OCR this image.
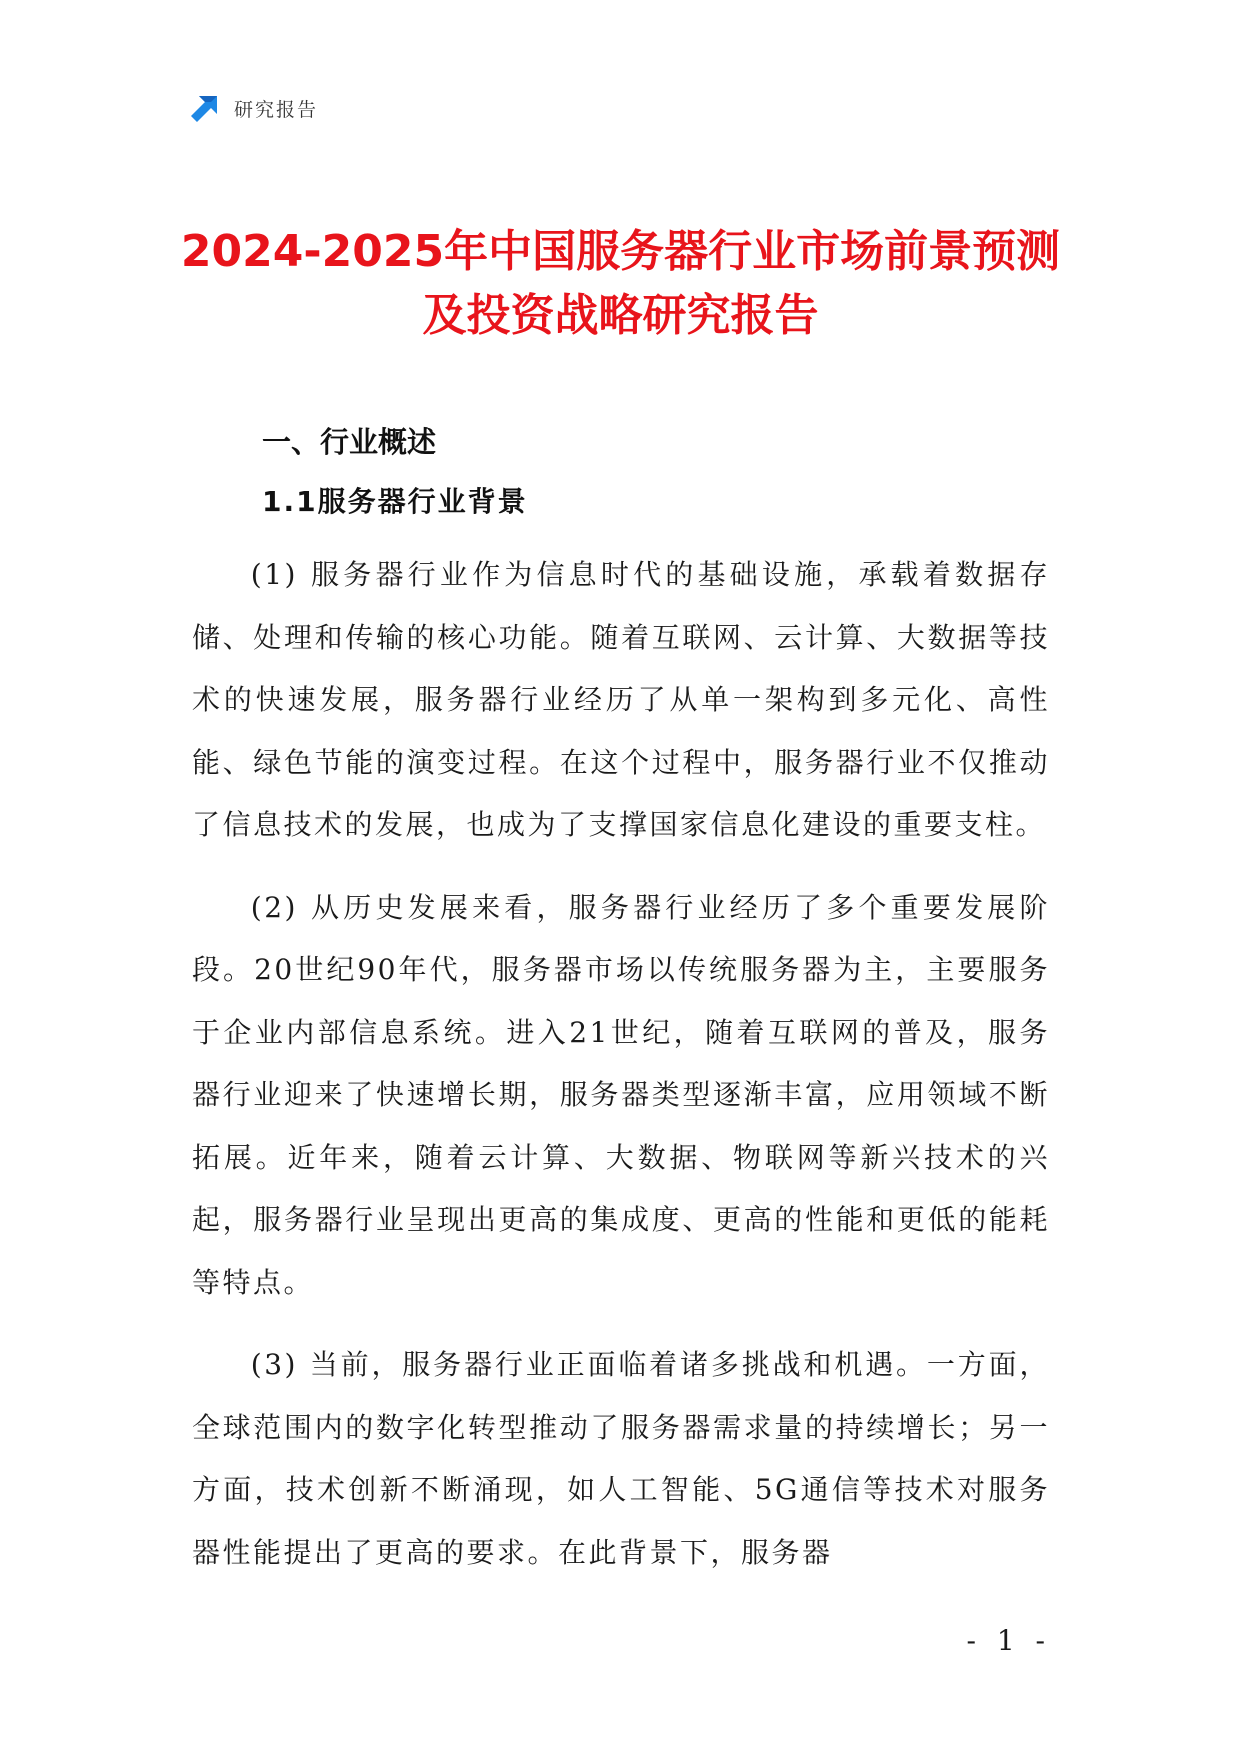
研究报告
2024-2025年中国服务器行业市场前景预测
及投资战略研究报告
一、行业概述
1.1服务器行业背景

(1) 服务器行业作为信息时代的基础设施，承载着数据存储、处理和传输的核心功能。随着互联网、云计算、大数据等技术的快速发展，服务器行业经历了从单一架构到多元化、高性能、绿色节能的演变过程。在这个过程中，服务器行业不仅推动了信息技术的发展，也成为了支撑国家信息化建设的重要支柱。

(2) 从历史发展来看，服务器行业经历了多个重要发展阶段。20世纪90年代，服务器市场以传统服务器为主，主要服务于企业内部信息系统。进入21世纪，随着互联网的普及，服务器行业迎来了快速增长期，服务器类型逐渐丰富，应用领域不断拓展。近年来，随着云计算、大数据、物联网等新兴技术的兴起，服务器行业呈现出更高的集成度、更高的性能和更低的能耗等特点。

(3) 当前，服务器行业正面临着诸多挑战和机遇。一方面，全球范围内的数字化转型推动了服务器需求量的持续增长；另一方面，技术创新不断涌现，如人工智能、5G通信等技术对服务器性能提出了更高的要求。在此背景下，服务器

- 1 -
